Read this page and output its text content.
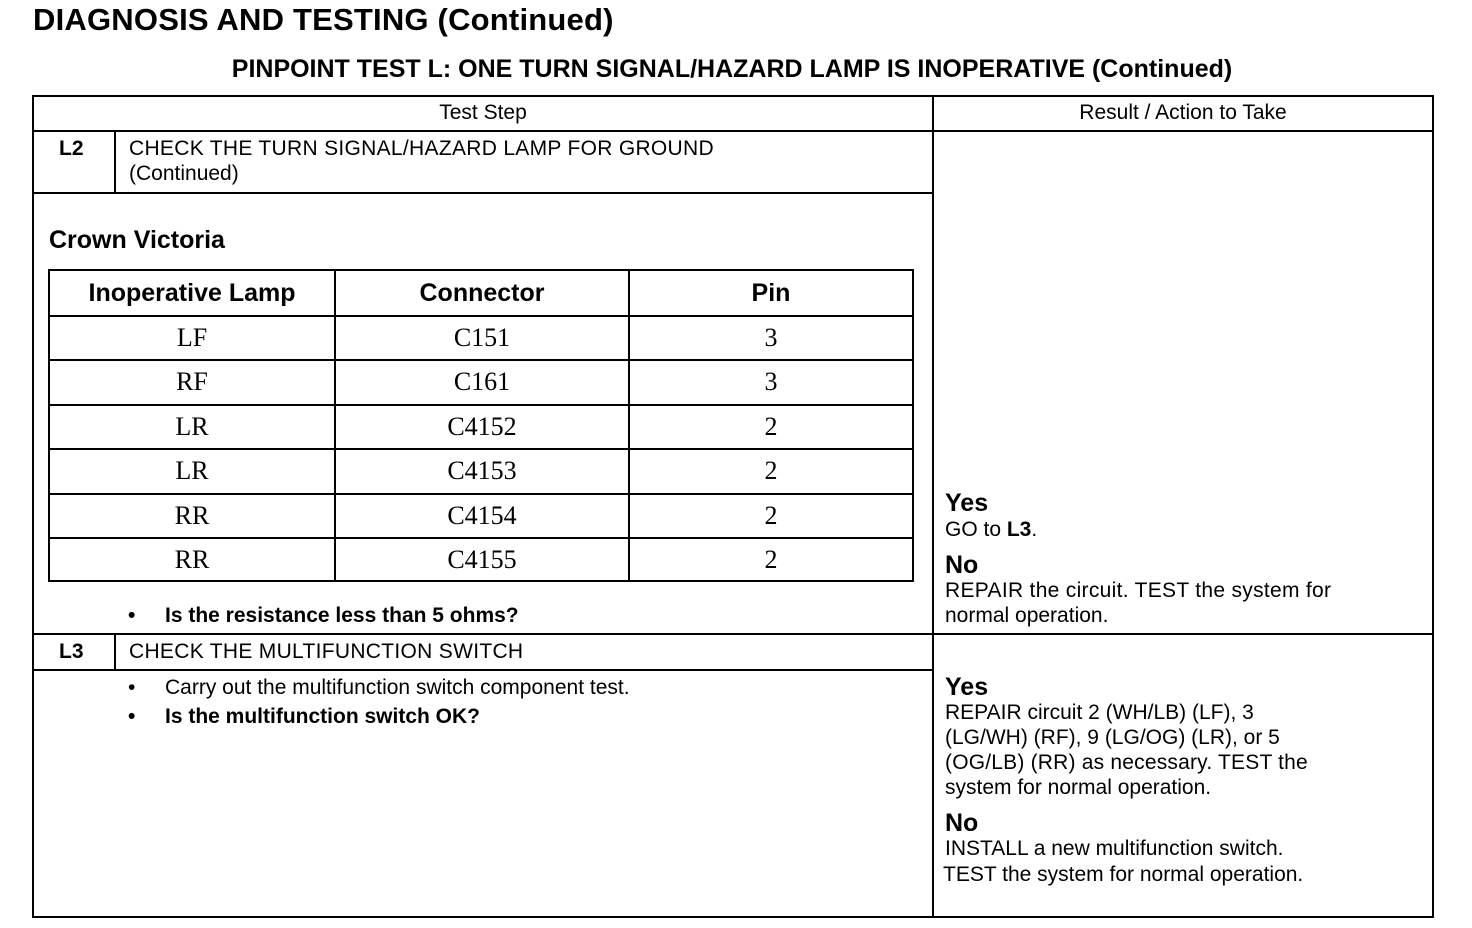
DIAGNOSIS AND TESTING (Continued)
PINPOINT TEST L: ONE TURN SIGNAL/HAZARD LAMP IS INOPERATIVE (Continued)
Test Step	Result / Action to Take
L2 CHECK THE TURN SIGNAL/HAZARD LAMP FOR GROUND
(Continued)
Crown Victoria
Inoperative Lamp	Connector	Pin
LF	C151	3
RF	C161	3
LR	C4152	2
LR	C4153	2
RR	C4154	2
RR	C4155	2
• Is the resistance less than 5 ohms?
Yes
GO to L3.
No
REPAIR the circuit. TEST the system for
normal operation.
L3 CHECK THE MULTIFUNCTION SWITCH
• Carry out the multifunction switch component test.
• Is the multifunction switch OK?
Yes
REPAIR circuit 2 (WH/LB) (LF), 3
(LG/WH) (RF), 9 (LG/OG) (LR), or 5
(OG/LB) (RR) as necessary. TEST the
system for normal operation.
No
INSTALL a new multifunction switch.
TEST the system for normal operation.
